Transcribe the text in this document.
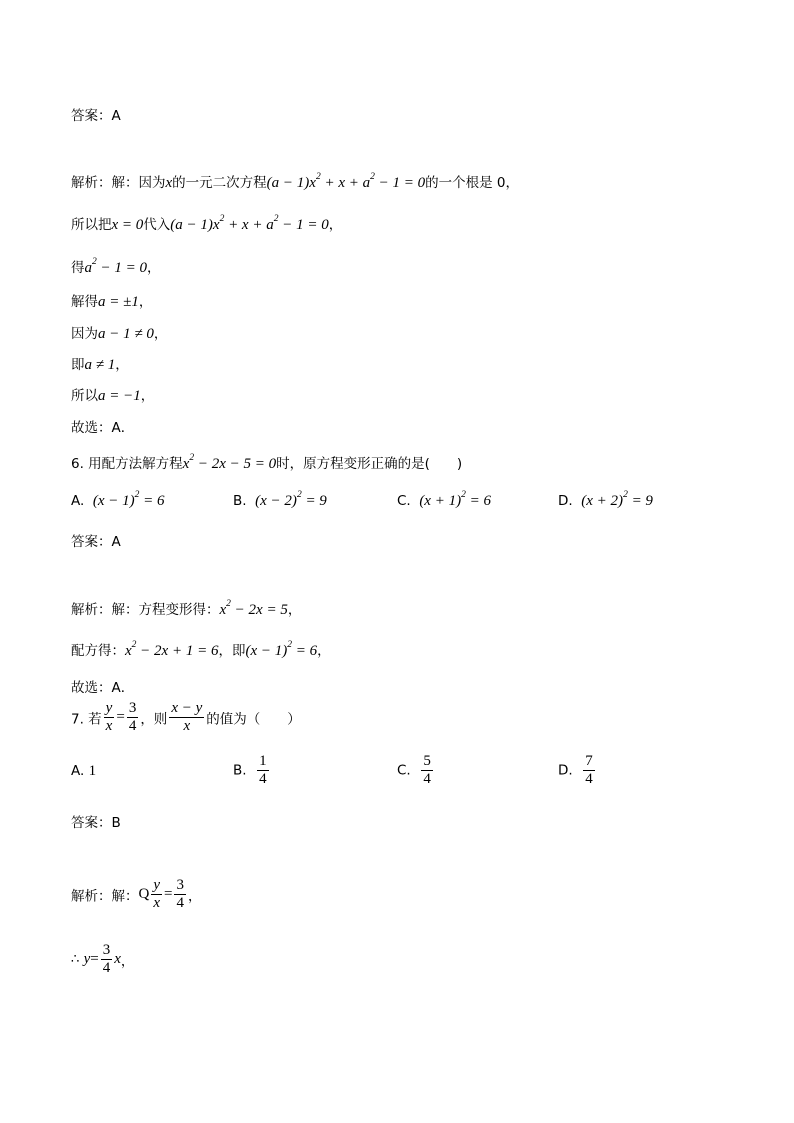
答案：A
解析：解：因为x的一元二次方程$(a - 1)x^2 + x + a^2 - 1 = 0$的一个根是 0，
所以把x = 0代入$(a - 1)x^2 + x + a^2 - 1 = 0$，
得$a^2 - 1 = 0$，
解得a = ±1，
因为a − 1 ≠ 0，
即a ≠ 1，
所以a = −1，
故选：A．
6. 用配方法解方程$x^2 - 2x - 5 = 0$时，原方程变形正确的是(　　)
A. $(x - 1)^2 = 6$	B. $(x - 2)^2 = 9$	C. $(x + 1)^2 = 6$	D. $(x + 2)^2 = 9$
答案：A
解析：解：方程变形得：$x^2 - 2x = 5$，
配方得：$x^2 - 2x + 1 = 6$，即$(x - 1)^2 = 6$，
故选：A．
7. 若 $\frac{y}{x} = \frac{3}{4}$ ，则 $\frac{x - y}{x}$ 的值为（　　）
A. 1	B. $\frac{1}{4}$	C. $\frac{5}{4}$	D. $\frac{7}{4}$
答案：B
解析：解：Q $\frac{y}{x} = \frac{3}{4}$ ，
∴ $y= \frac{3}{4}$ x，
